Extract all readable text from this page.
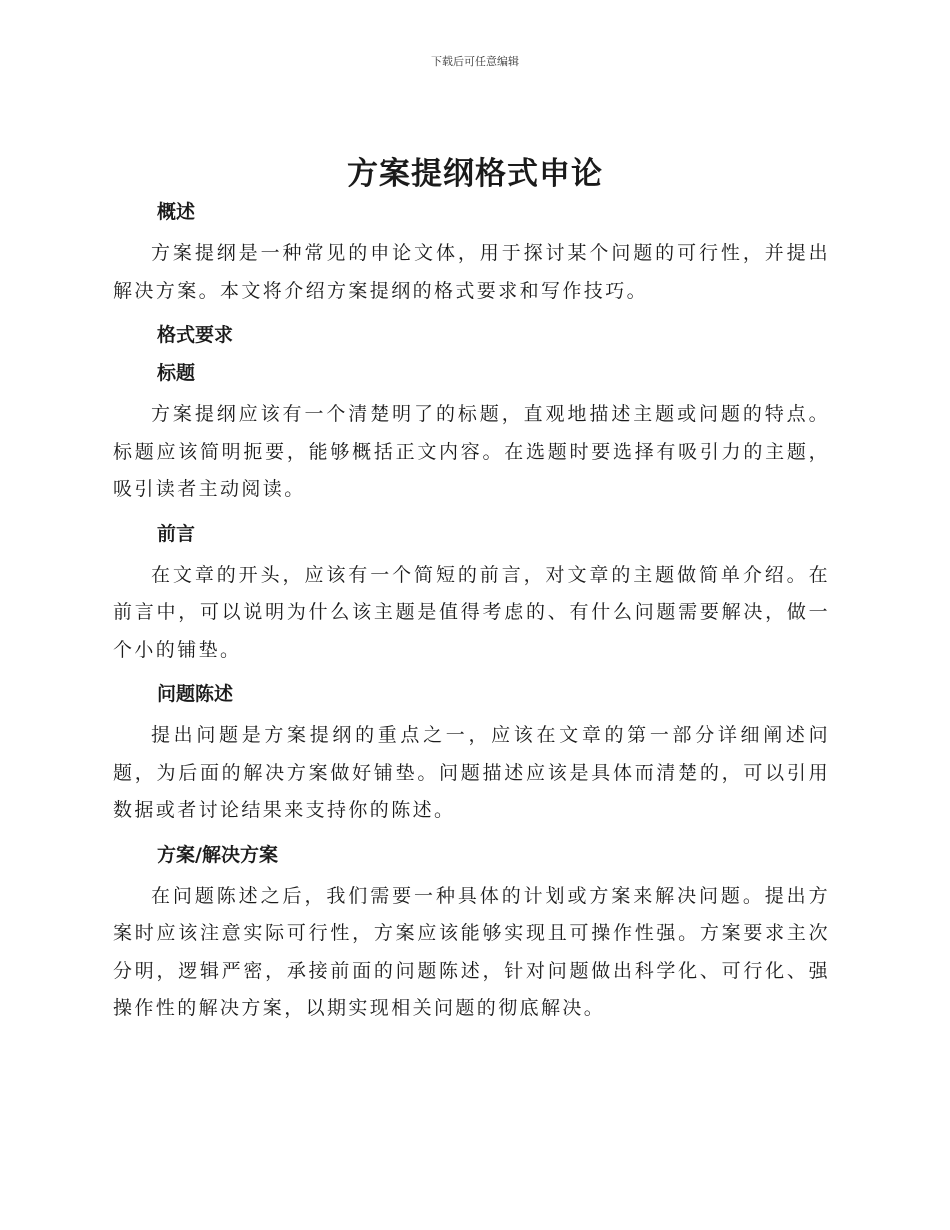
下载后可任意编辑
方案提纲格式申论
概述

方案提纲是一种常见的申论文体，用于探讨某个问题的可行性，并提出解决方案。本文将介绍方案提纲的格式要求和写作技巧。

格式要求
标题

方案提纲应该有一个清楚明了的标题，直观地描述主题或问题的特点。标题应该简明扼要，能够概括正文内容。在选题时要选择有吸引力的主题，吸引读者主动阅读。

前言

在文章的开头，应该有一个简短的前言，对文章的主题做简单介绍。在前言中，可以说明为什么该主题是值得考虑的、有什么问题需要解决，做一个小的铺垫。

问题陈述

提出问题是方案提纲的重点之一，应该在文章的第一部分详细阐述问题，为后面的解决方案做好铺垫。问题描述应该是具体而清楚的，可以引用数据或者讨论结果来支持你的陈述。

方案/解决方案

在问题陈述之后，我们需要一种具体的计划或方案来解决问题。提出方案时应该注意实际可行性，方案应该能够实现且可操作性强。方案要求主次分明，逻辑严密，承接前面的问题陈述，针对问题做出科学化、可行化、强操作性的解决方案，以期实现相关问题的彻底解决。
